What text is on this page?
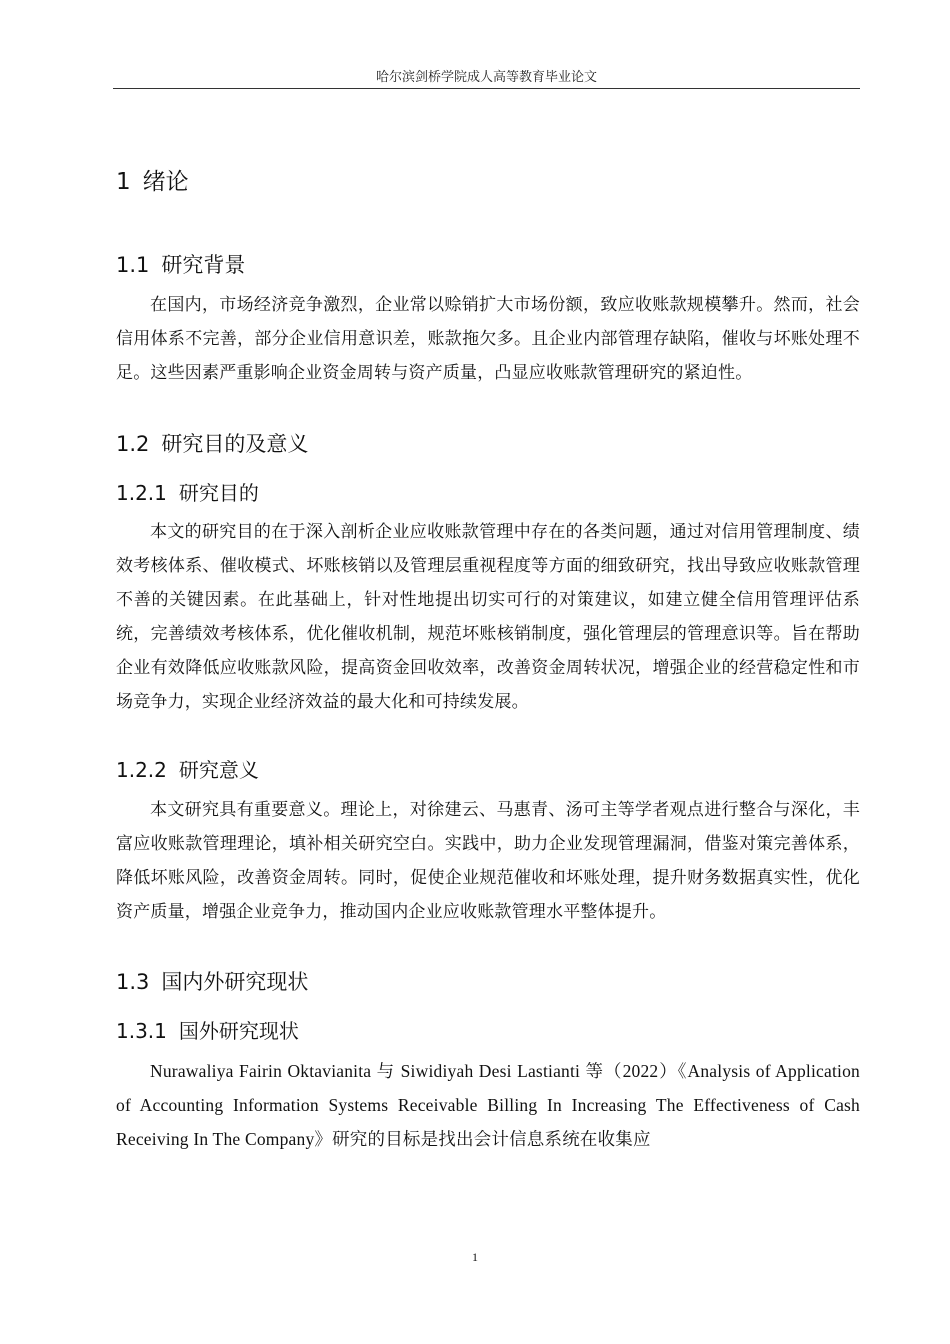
哈尔滨剑桥学院成人高等教育毕业论文
1 绪论
1.1 研究背景

在国内，市场经济竞争激烈，企业常以赊销扩大市场份额，致应收账款规模攀升。然而，社会信用体系不完善，部分企业信用意识差，账款拖欠多。且企业内部管理存缺陷，催收与坏账处理不足。这些因素严重影响企业资金周转与资产质量，凸显应收账款管理研究的紧迫性。

1.2 研究目的及意义
1.2.1 研究目的

本文的研究目的在于深入剖析企业应收账款管理中存在的各类问题，通过对信用管理制度、绩效考核体系、催收模式、坏账核销以及管理层重视程度等方面的细致研究，找出导致应收账款管理不善的关键因素。在此基础上，针对性地提出切实可行的对策建议，如建立健全信用管理评估系统，完善绩效考核体系，优化催收机制，规范坏账核销制度，强化管理层的管理意识等。旨在帮助企业有效降低应收账款风险，提高资金回收效率，改善资金周转状况，增强企业的经营稳定性和市场竞争力，实现企业经济效益的最大化和可持续发展。

1.2.2 研究意义

本文研究具有重要意义。理论上，对徐建云、马惠青、汤可主等学者观点进行整合与深化，丰富应收账款管理理论，填补相关研究空白。实践中，助力企业发现管理漏洞，借鉴对策完善体系，降低坏账风险，改善资金周转。同时，促使企业规范催收和坏账处理，提升财务数据真实性，优化资产质量，增强企业竞争力，推动国内企业应收账款管理水平整体提升。

1.3 国内外研究现状
1.3.1 国外研究现状

Nurawaliya Fairin Oktavianita 与 Siwidiyah Desi Lastianti 等（2022）《Analysis of Application of Accounting Information Systems Receivable Billing In Increasing The Effectiveness of Cash Receiving In The Company》研究的目标是找出会计信息系统在收集应

1
